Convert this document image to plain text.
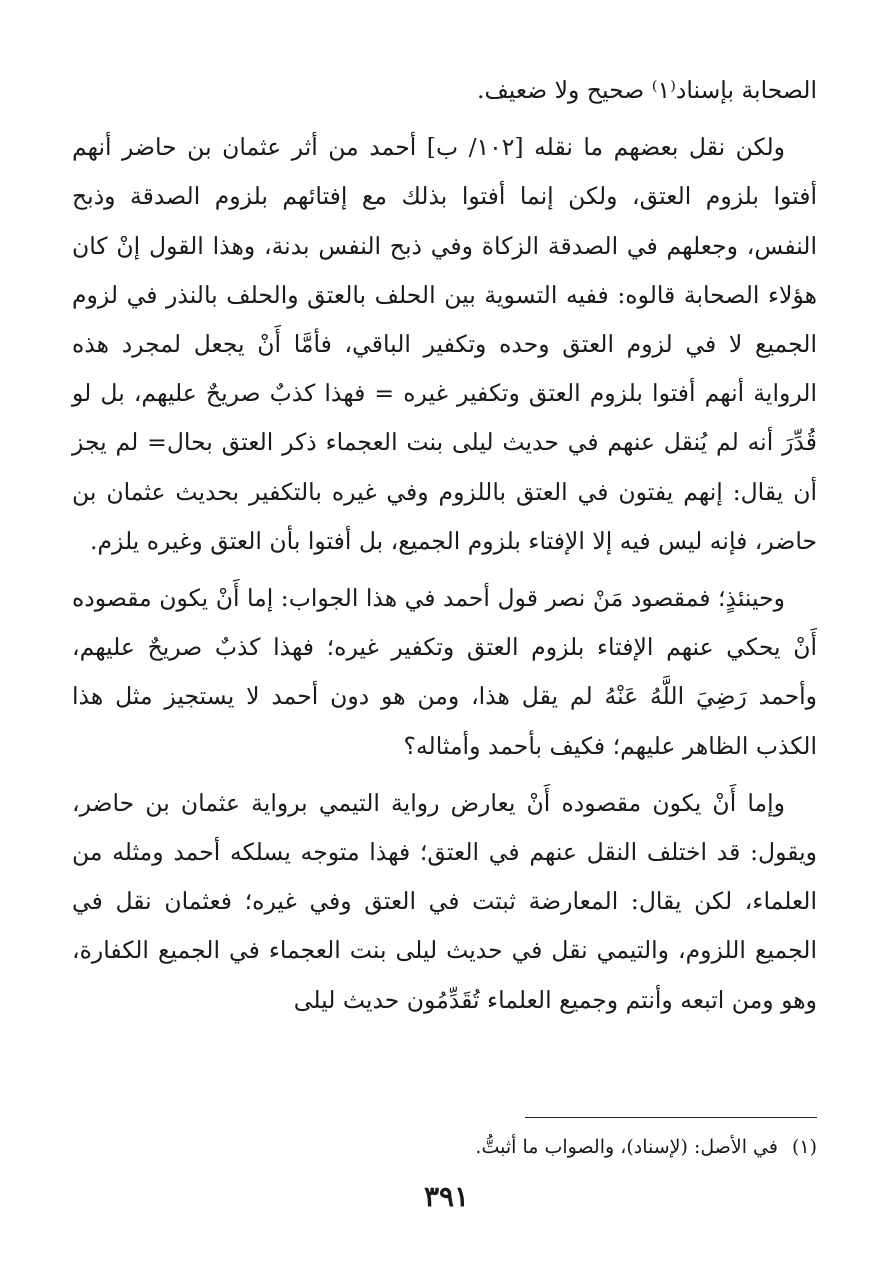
الصحابة بإسناد⁽١⁾ صحيح ولا ضعيف.

ولكن نقل بعضهم ما نقله [١٠٢/ ب] أحمد من أثر عثمان بن حاضر أنهم أفتوا بلزوم العتق، ولكن إنما أفتوا بذلك مع إفتائهم بلزوم الصدقة وذبح النفس، وجعلهم في الصدقة الزكاة وفي ذبح النفس بدنة، وهذا القول إنْ كان هؤلاء الصحابة قالوه: ففيه التسوية بين الحلف بالعتق والحلف بالنذر في لزوم الجميع لا في لزوم العتق وحده وتكفير الباقي، فأمَّا أَنْ يجعل لمجرد هذه الرواية أنهم أفتوا بلزوم العتق وتكفير غيره = فهذا كذبٌ صريحٌ عليهم، بل لو قُدِّرَ أنه لم يُنقل عنهم في حديث ليلى بنت العجماء ذكر العتق بحال= لم يجز أن يقال: إنهم يفتون في العتق باللزوم وفي غيره بالتكفير بحديث عثمان بن حاضر، فإنه ليس فيه إلا الإفتاء بلزوم الجميع، بل أفتوا بأن العتق وغيره يلزم.

وحينئذٍ؛ فمقصود مَنْ نصر قول أحمد في هذا الجواب: إما أَنْ يكون مقصوده أَنْ يحكي عنهم الإفتاء بلزوم العتق وتكفير غيره؛ فهذا كذبٌ صريحٌ عليهم، وأحمد رَضِيَ اللَّهُ عَنْهُ لم يقل هذا، ومن هو دون أحمد لا يستجيز مثل هذا الكذب الظاهر عليهم؛ فكيف بأحمد وأمثاله؟

وإما أَنْ يكون مقصوده أَنْ يعارض رواية التيمي برواية عثمان بن حاضر، ويقول: قد اختلف النقل عنهم في العتق؛ فهذا متوجه يسلكه أحمد ومثله من العلماء، لكن يقال: المعارضة ثبتت في العتق وفي غيره؛ فعثمان نقل في الجميع اللزوم، والتيمي نقل في حديث ليلى بنت العجماء في الجميع الكفارة، وهو ومن اتبعه وأنتم وجميع العلماء تُقَدِّمُون حديث ليلى

(١)في الأصل: (لإسناد)، والصواب ما أثبتُّ.
٣٩١
